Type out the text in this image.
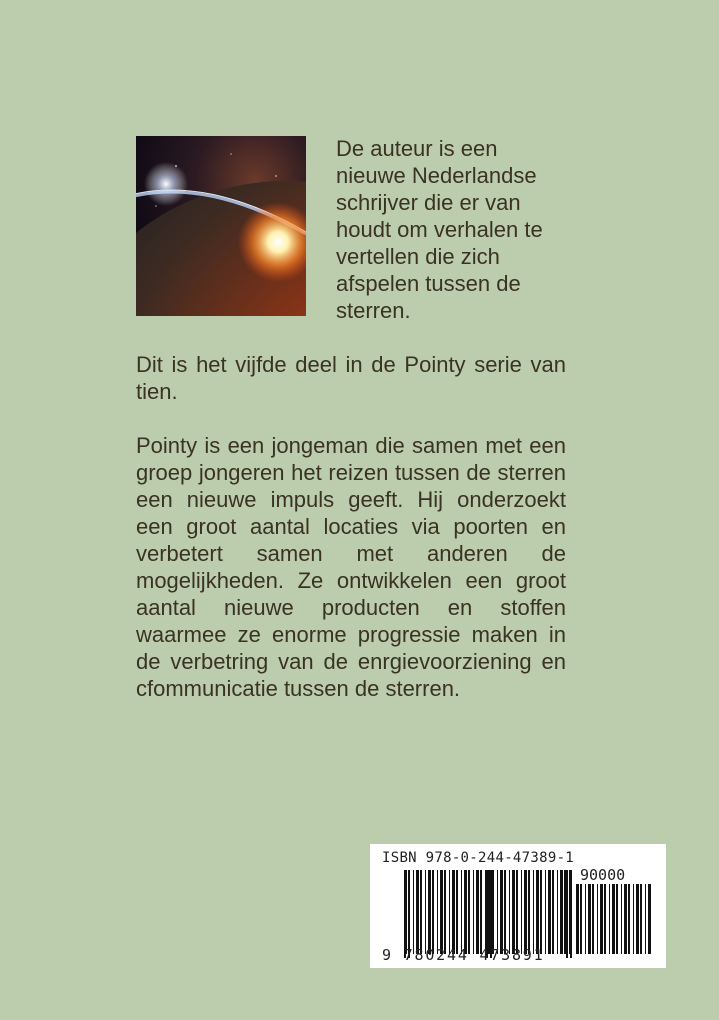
De auteur is een nieuwe Nederlandse schrijver die er van houdt om verhalen te vertellen die zich afspelen tussen de sterren.

Dit is het vijfde deel in de Pointy serie van tien.

Pointy is een jongeman die samen met een groep jongeren het reizen tussen de sterren een nieuwe impuls geeft. Hij onderzoekt een groot aantal locaties via poorten en verbetert samen met anderen de mogelijkheden. Ze ontwikkelen een groot aantal nieuwe producten en stoffen waarmee ze enorme progressie maken in de verbetring van de enrgievoorziening en cfommunicatie tussen de sterren.

ISBN 978-0-244-47389-1

90000

9 780244 473891
